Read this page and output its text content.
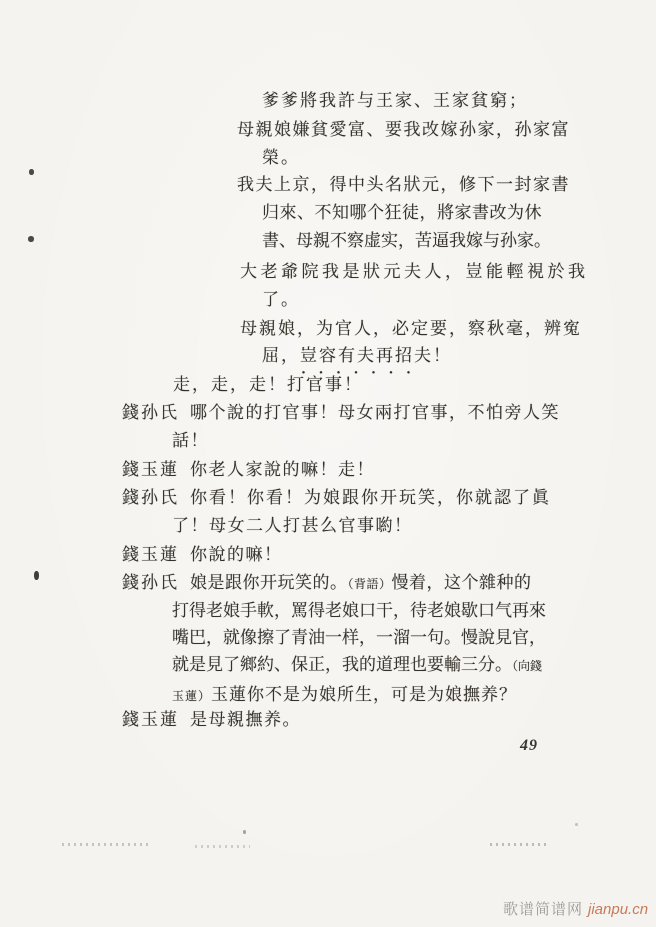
爹爹將我許与王家、王家貧窮；
母親娘嫌貧愛富、要我改嫁孙家，孙家富
榮。
我夫上京，得中头名狀元，修下一封家書
归來、不知哪个狂徒，將家書改为休
書、母親不察虚实，苦逼我嫁与孙家。
大老爺院我是狀元夫人，豈能輕視於我
了。
母親娘，为官人，必定要，察秋毫，辨寃
屈，豈容有夫再招夫！
·······
走，走，走！打官事！
錢孙氏 哪个說的打官事！母女兩打官事，不怕旁人笑
話！
錢玉蓮 你老人家說的嘛！走！
錢孙氏 你看！你看！为娘跟你开玩笑，你就認了眞
了！母女二人打甚么官事喲！
錢玉蓮 你說的嘛！
錢孙氏 娘是跟你开玩笑的。（背語）慢着，这个雜种的
打得老娘手軟，罵得老娘口干，待老娘歇口气再來
嘴巴，就像擦了青油一样，一溜一句。慢說見官，
就是見了鄉約、保正，我的道理也要輸三分。（向錢
玉蓮）玉蓮你不是为娘所生，可是为娘撫养？
錢玉蓮 是母親撫养。
49
歌谱简谱网 jianpu.cn
